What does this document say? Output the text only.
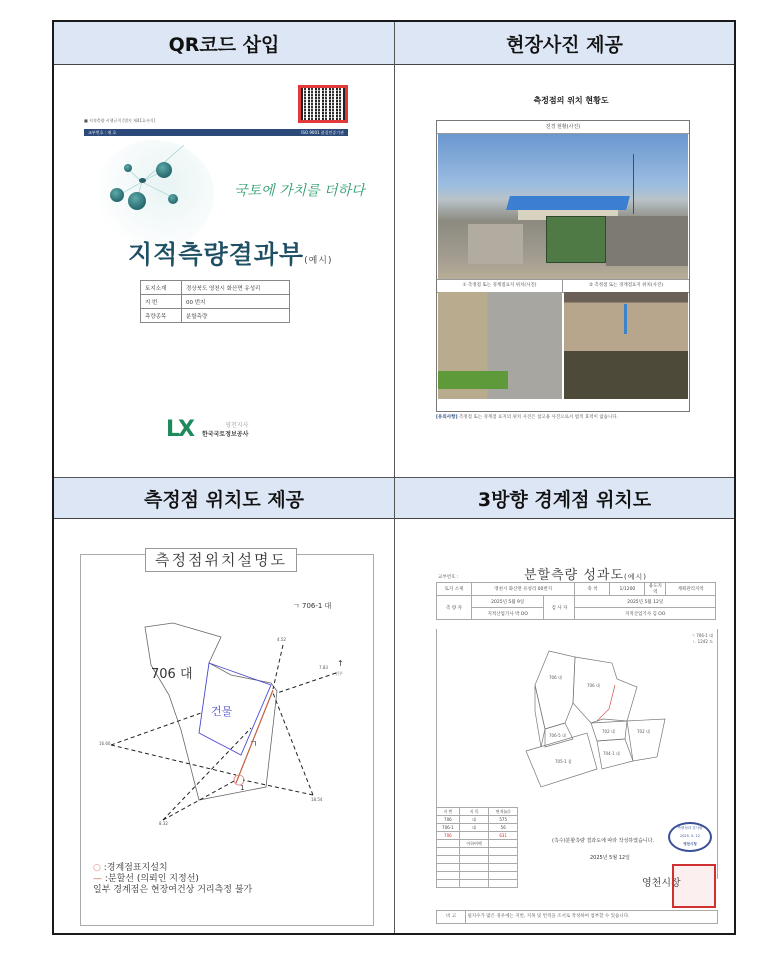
QR코드 삽입	현장사진 제공
측정점 위치도 제공	3방향 경계점 위치도
■ 지적측량 시행규칙 [별지 제41호서식]
교부번호 : 제 호	ISO 9001 품질인증기관
국토에 가치를 더하다
지적측량결과부(예시)
토지소재	경상북도 영천시 화산면 유성리
지 번	00 번지
측량종목	분할측량
LX	영천지사
한국국토정보공사
측정점의 위치 현황도
전경 현황(사진)
① 측정점 또는 경계점표지 위치(사진)	② 측정점 또는 경계점표지 위치(사진)
[유의사항] 측정점 또는 경계점 표지의 위치 사진은 참고용 사진으로서 법적 효력이 없습니다.
측정점위치설명도
ㄱ 706-1 대
706 대
건물
ㄱ
1
4.52
7.83
16.60
8.32
18.54
↑
전주
○ :경계점표지설치
— :분할선 (의뢰인 지정선)
일부 경계점은 현장여건상 거리측정 불가
교부번호 :	분할측량 성과도(예시)
토지 소재	영천시 화산면 유성리 00번지		축 척	1/1200	용도지역	계획관리지역
측 량 자	2025년 5월 9일	검 사 자	2025년 5월 12일			
	지적산업기사 박 OO		지적산업기사 김 OO			
ㄱ 706-1 대
ㄴ 1242 도
706 대
706 대
706-5 대
705-1 잡
702 대	702 대
704-1 대
지 번	지 목	면적(㎡)
706	대	575
706-1	대	56
706		631
	이하여백	

			(측수)분할측량 결과도에 따라 작성하였습니다.
측량성과 검사필
2025. 5. 12
영천시청
2025년 5월 12일
영천시장
비 고	필지수가 많은 경우에는 지번, 지목 및 면적을 조서로 작성하여 첨부할 수 있습니다.
